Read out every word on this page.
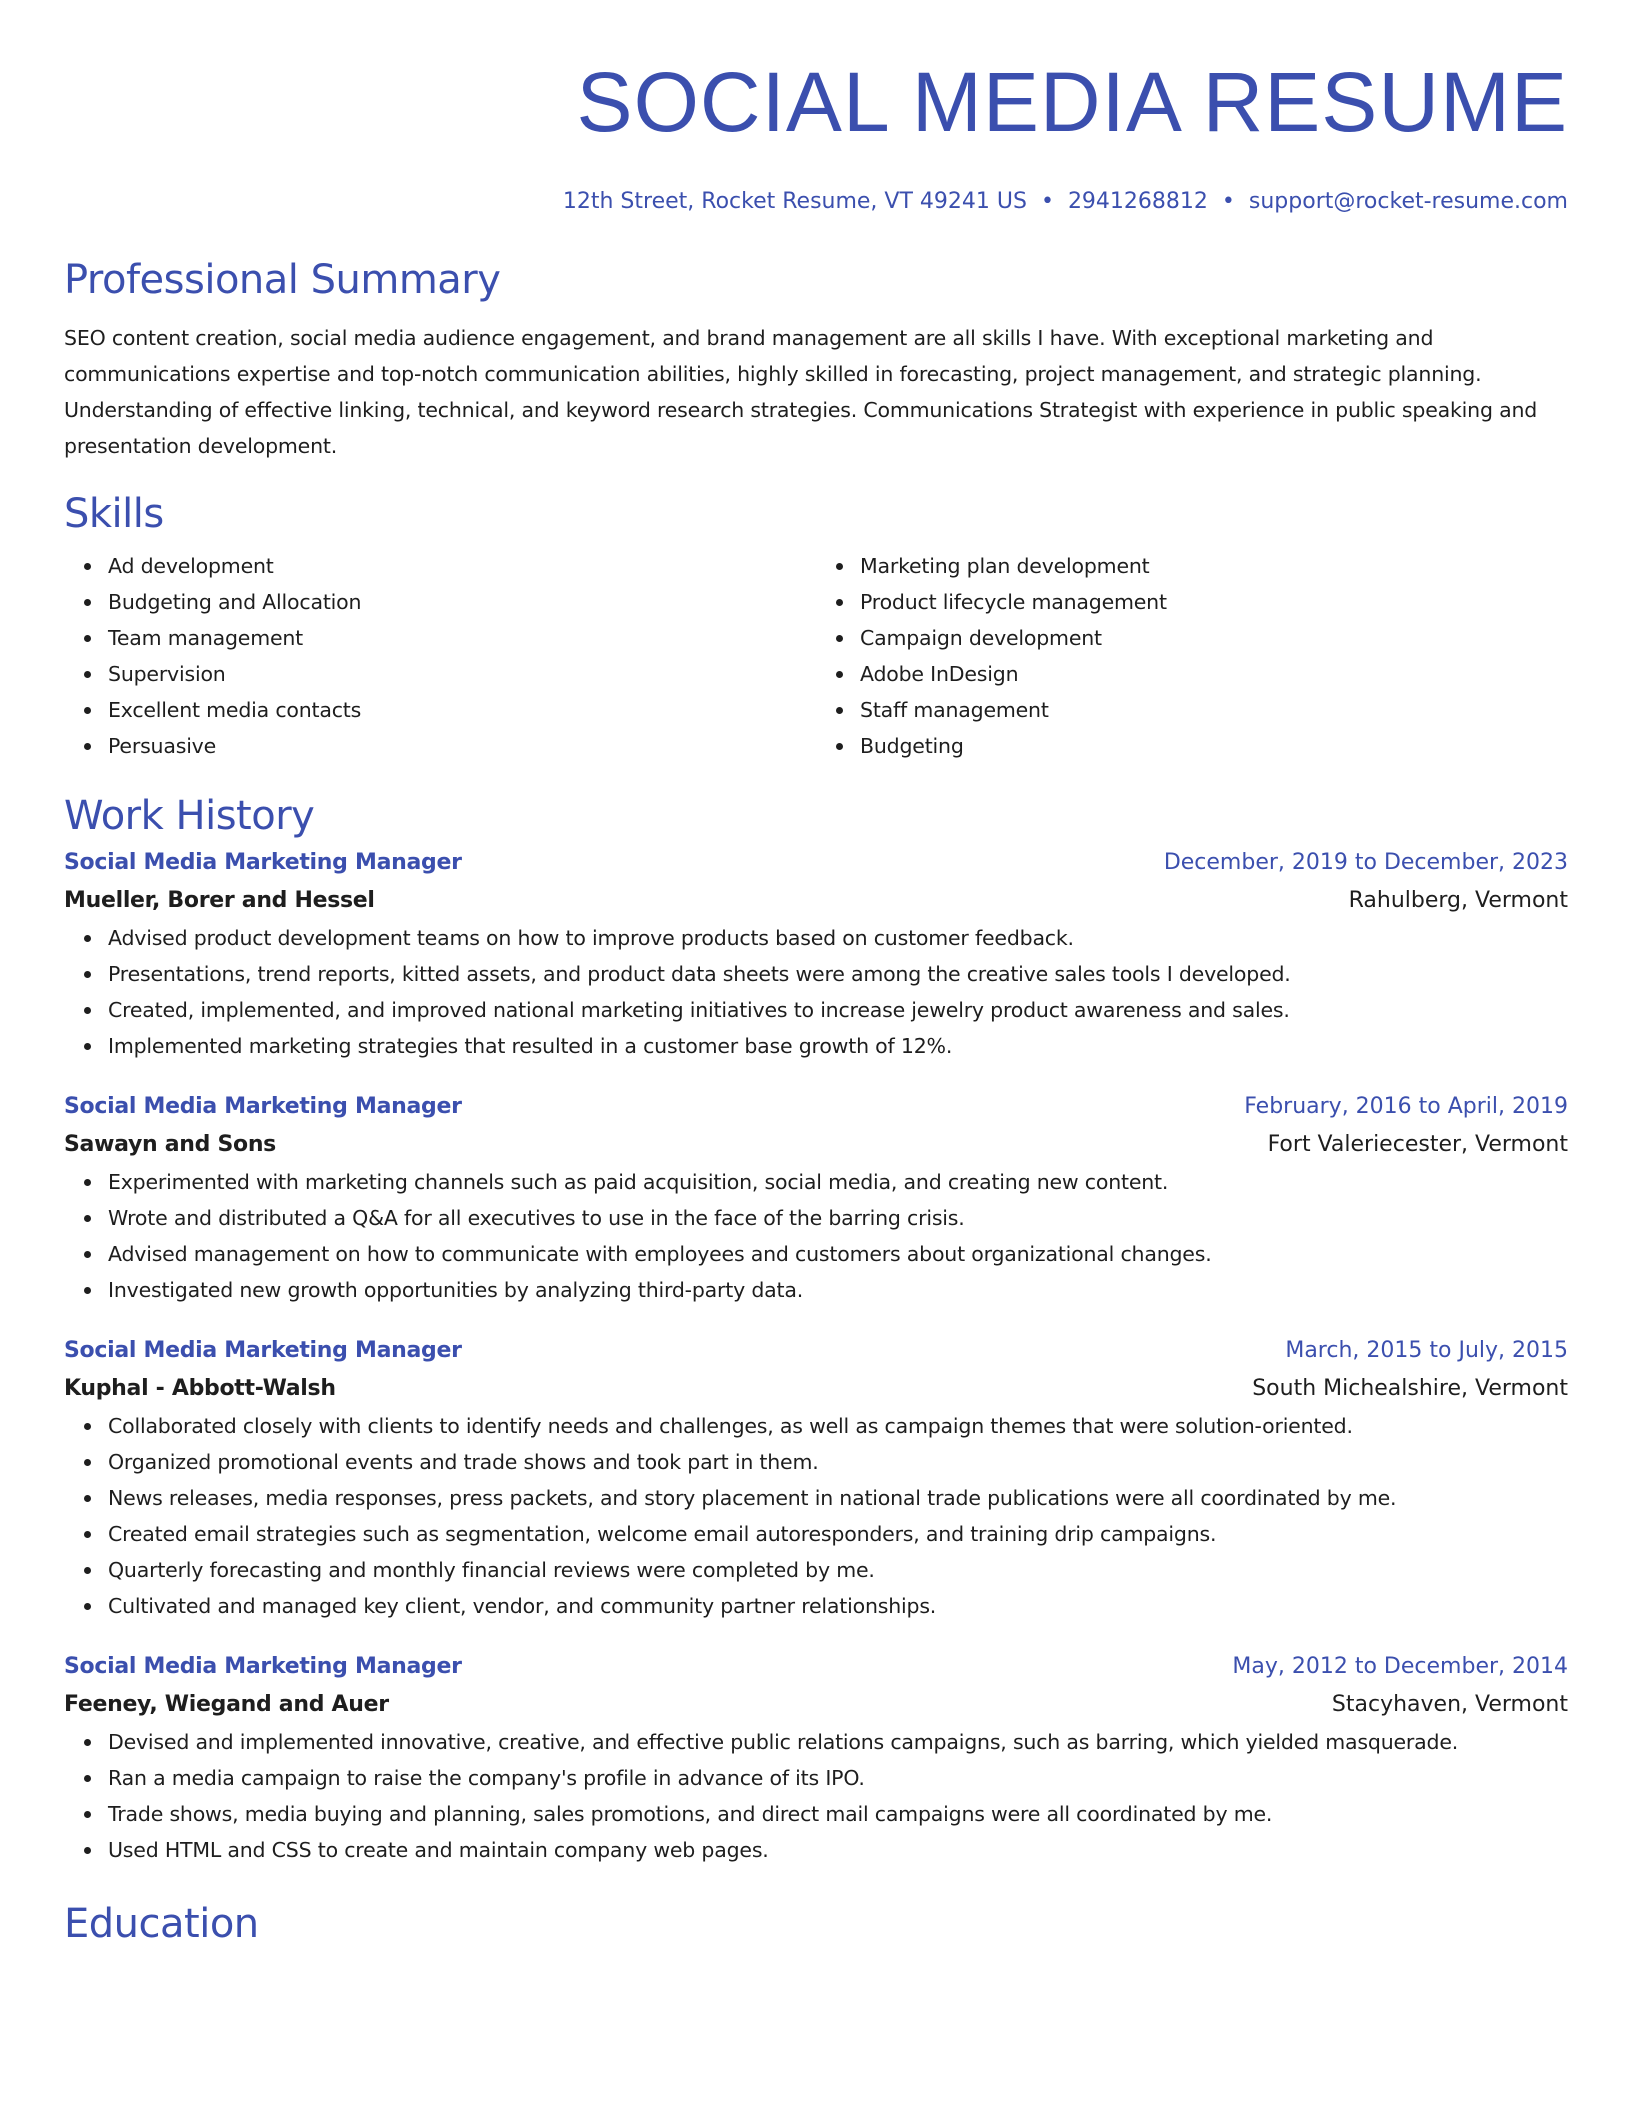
SOCIAL MEDIA RESUME
12th Street, Rocket Resume, VT 49241 US • 2941268812 • support@rocket-resume.com
Professional Summary

SEO content creation, social media audience engagement, and brand management are all skills I have. With exceptional marketing and communications expertise and top-notch communication abilities, highly skilled in forecasting, project management, and strategic planning. Understanding of effective linking, technical, and keyword research strategies. Communications Strategist with experience in public speaking and presentation development.

Skills
Ad development
Budgeting and Allocation
Team management
Supervision
Excellent media contacts
Persuasive
Marketing plan development
Product lifecycle management
Campaign development
Adobe InDesign
Staff management
Budgeting
Work History
Social Media Marketing Manager	December, 2019 to December, 2023
Mueller, Borer and Hessel	Rahulberg, Vermont
Advised product development teams on how to improve products based on customer feedback.
Presentations, trend reports, kitted assets, and product data sheets were among the creative sales tools I developed.
Created, implemented, and improved national marketing initiatives to increase jewelry product awareness and sales.
Implemented marketing strategies that resulted in a customer base growth of 12%.
Social Media Marketing Manager	February, 2016 to April, 2019
Sawayn and Sons	Fort Valeriecester, Vermont
Experimented with marketing channels such as paid acquisition, social media, and creating new content.
Wrote and distributed a Q&A for all executives to use in the face of the barring crisis.
Advised management on how to communicate with employees and customers about organizational changes.
Investigated new growth opportunities by analyzing third-party data.
Social Media Marketing Manager	March, 2015 to July, 2015
Kuphal - Abbott-Walsh	South Michealshire, Vermont
Collaborated closely with clients to identify needs and challenges, as well as campaign themes that were solution-oriented.
Organized promotional events and trade shows and took part in them.
News releases, media responses, press packets, and story placement in national trade publications were all coordinated by me.
Created email strategies such as segmentation, welcome email autoresponders, and training drip campaigns.
Quarterly forecasting and monthly financial reviews were completed by me.
Cultivated and managed key client, vendor, and community partner relationships.
Social Media Marketing Manager	May, 2012 to December, 2014
Feeney, Wiegand and Auer	Stacyhaven, Vermont
Devised and implemented innovative, creative, and effective public relations campaigns, such as barring, which yielded masquerade.
Ran a media campaign to raise the company's profile in advance of its IPO.
Trade shows, media buying and planning, sales promotions, and direct mail campaigns were all coordinated by me.
Used HTML and CSS to create and maintain company web pages.
Education
